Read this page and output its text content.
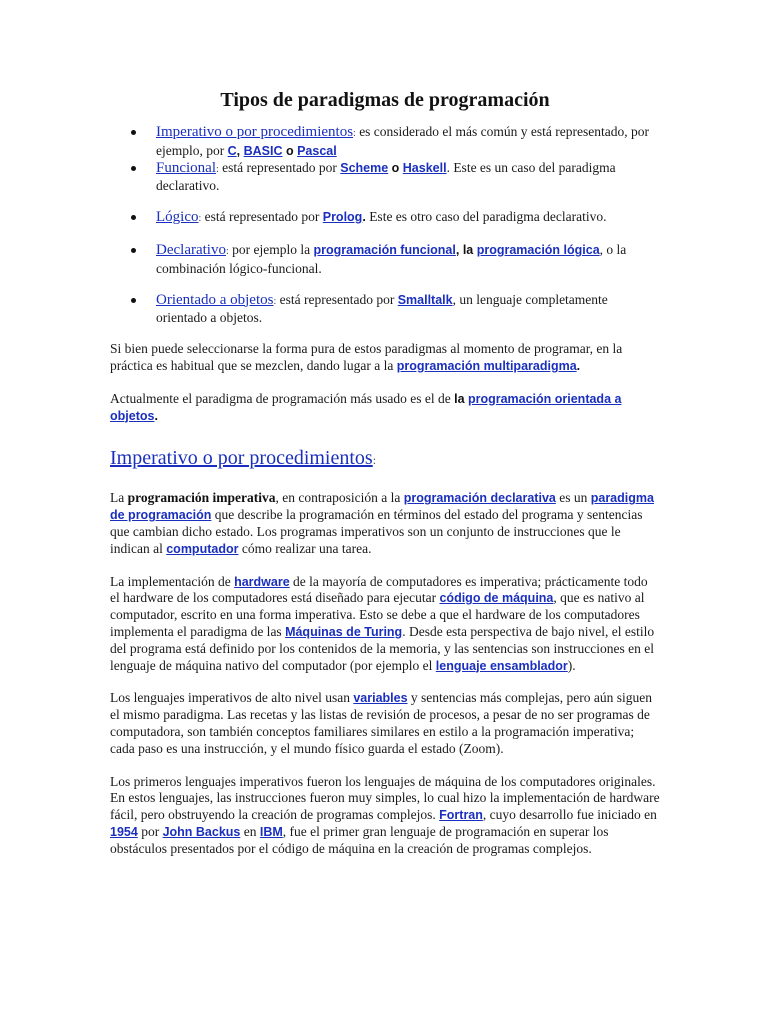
Tipos de paradigmas de programación
Imperativo o por procedimientos: es considerado el más común y está representado, por ejemplo, por C, BASIC o Pascal
Funcional: está representado por Scheme o Haskell. Este es un caso del paradigma declarativo.
Lógico: está representado por Prolog. Este es otro caso del paradigma declarativo.
Declarativo: por ejemplo la programación funcional, la programación lógica, o la combinación lógico-funcional.
Orientado a objetos: está representado por Smalltalk, un lenguaje completamente orientado a objetos.

Si bien puede seleccionarse la forma pura de estos paradigmas al momento de programar, en la práctica es habitual que se mezclen, dando lugar a la programación multiparadigma.

Actualmente el paradigma de programación más usado es el de la programación orientada a objetos.

Imperativo o por procedimientos:

La programación imperativa, en contraposición a la programación declarativa es un paradigma de programación que describe la programación en términos del estado del programa y sentencias que cambian dicho estado. Los programas imperativos son un conjunto de instrucciones que le indican al computador cómo realizar una tarea.

La implementación de hardware de la mayoría de computadores es imperativa; prácticamente todo el hardware de los computadores está diseñado para ejecutar código de máquina, que es nativo al computador, escrito en una forma imperativa. Esto se debe a que el hardware de los computadores implementa el paradigma de las Máquinas de Turing. Desde esta perspectiva de bajo nivel, el estilo del programa está definido por los contenidos de la memoria, y las sentencias son instrucciones en el lenguaje de máquina nativo del computador (por ejemplo el lenguaje ensamblador).

Los lenguajes imperativos de alto nivel usan variables y sentencias más complejas, pero aún siguen el mismo paradigma. Las recetas y las listas de revisión de procesos, a pesar de no ser programas de computadora, son también conceptos familiares similares en estilo a la programación imperativa; cada paso es una instrucción, y el mundo físico guarda el estado (Zoom).

Los primeros lenguajes imperativos fueron los lenguajes de máquina de los computadores originales. En estos lenguajes, las instrucciones fueron muy simples, lo cual hizo la implementación de hardware fácil, pero obstruyendo la creación de programas complejos. Fortran, cuyo desarrollo fue iniciado en 1954 por John Backus en IBM, fue el primer gran lenguaje de programación en superar los obstáculos presentados por el código de máquina en la creación de programas complejos.
